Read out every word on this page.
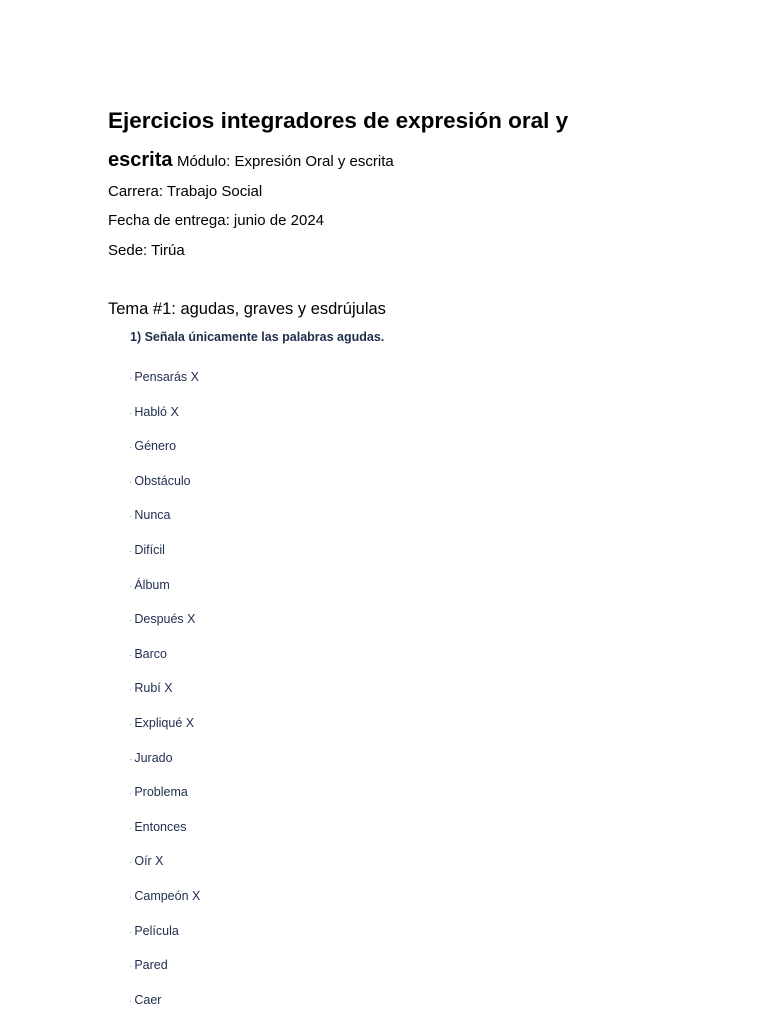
Ejercicios integradores de expresión oral y
escrita Módulo: Expresión Oral y escrita
Carrera: Trabajo Social
Fecha de entrega: junio de 2024
Sede: Tirúa
Tema #1: agudas, graves y esdrújulas
1) Señala únicamente las palabras agudas.
· Pensarás X
· Habló X
· Género
· Obstáculo
· Nunca
· Difícil
· Álbum
· Después X
· Barco
· Rubí X
· Expliqué X
· Jurado
· Problema
· Entonces
· Oír X
· Campeón X
· Película
· Pared
· Caer
